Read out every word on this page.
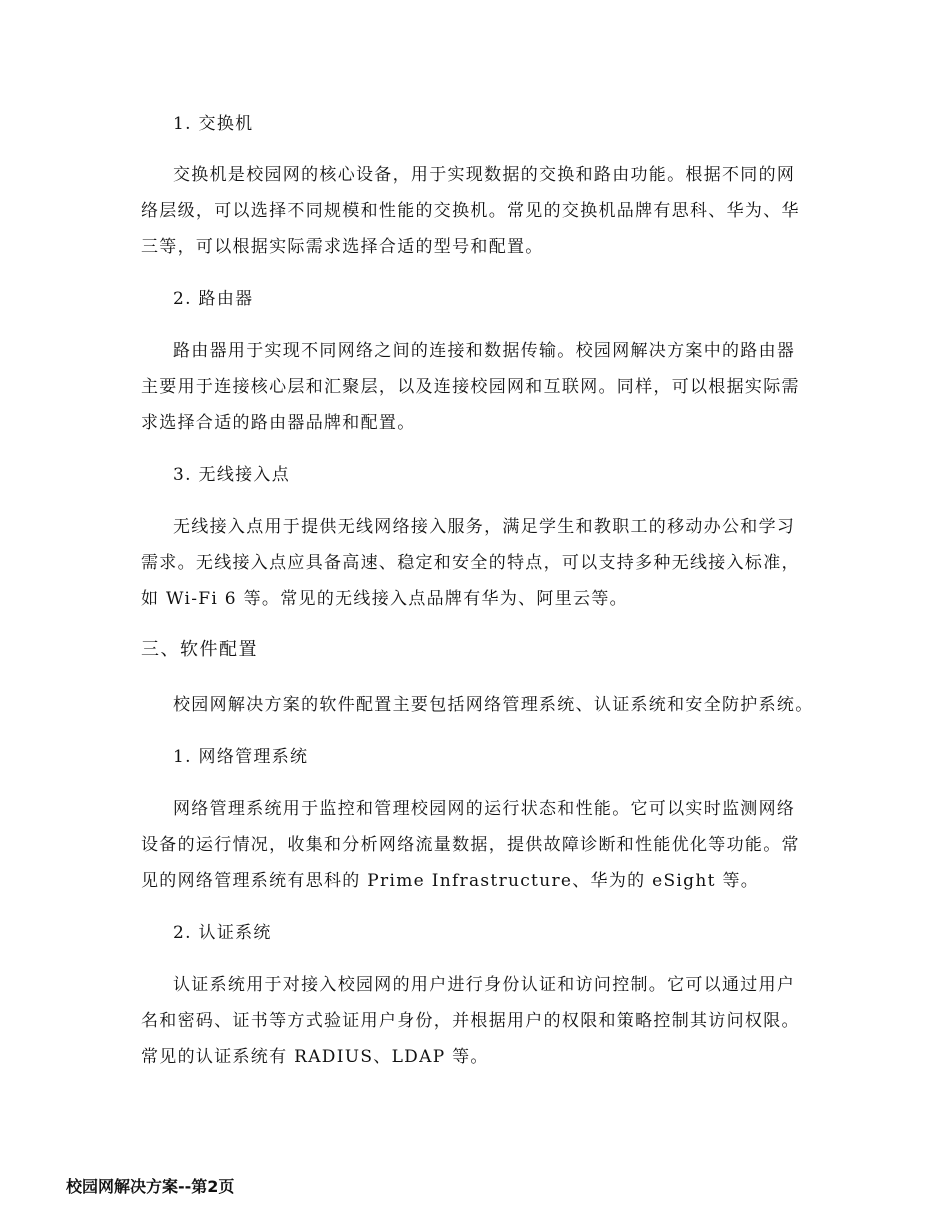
1. 交换机
交换机是校园网的核心设备，用于实现数据的交换和路由功能。根据不同的网
络层级，可以选择不同规模和性能的交换机。常见的交换机品牌有思科、华为、华
三等，可以根据实际需求选择合适的型号和配置。
2. 路由器
路由器用于实现不同网络之间的连接和数据传输。校园网解决方案中的路由器
主要用于连接核心层和汇聚层，以及连接校园网和互联网。同样，可以根据实际需
求选择合适的路由器品牌和配置。
3. 无线接入点
无线接入点用于提供无线网络接入服务，满足学生和教职工的移动办公和学习
需求。无线接入点应具备高速、稳定和安全的特点，可以支持多种无线接入标准，
如 Wi-Fi 6 等。常见的无线接入点品牌有华为、阿里云等。
三、软件配置
校园网解决方案的软件配置主要包括网络管理系统、认证系统和安全防护系统。
1. 网络管理系统
网络管理系统用于监控和管理校园网的运行状态和性能。它可以实时监测网络
设备的运行情况，收集和分析网络流量数据，提供故障诊断和性能优化等功能。常
见的网络管理系统有思科的 Prime Infrastructure、华为的 eSight 等。
2. 认证系统
认证系统用于对接入校园网的用户进行身份认证和访问控制。它可以通过用户
名和密码、证书等方式验证用户身份，并根据用户的权限和策略控制其访问权限。
常见的认证系统有 RADIUS、LDAP 等。
校园网解决方案--第2页
